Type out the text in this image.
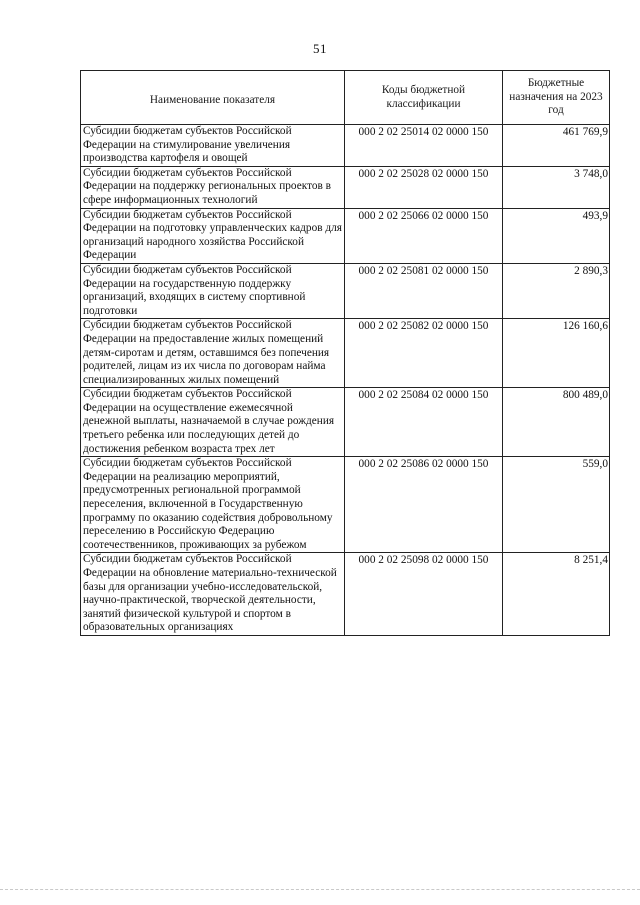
51
Наименование показателя	Коды бюджетной классификации	Бюджетные назначения на 2023 год
Субсидии бюджетам субъектов Российской Федерации на стимулирование увеличения производства картофеля и овощей	000 2 02 25014 02 0000 150	461 769,9
Субсидии бюджетам субъектов Российской Федерации на поддержку региональных проектов в сфере информационных технологий	000 2 02 25028 02 0000 150	3 748,0
Субсидии бюджетам субъектов Российской Федерации на подготовку управленческих кадров для организаций народного хозяйства Российской Федерации	000 2 02 25066 02 0000 150	493,9
Субсидии бюджетам субъектов Российской Федерации на государственную поддержку организаций, входящих в систему спортивной подготовки	000 2 02 25081 02 0000 150	2 890,3
Субсидии бюджетам субъектов Российской Федерации на предоставление жилых помещений детям-сиротам и детям, оставшимся без попечения родителей, лицам из их числа по договорам найма специализированных жилых помещений	000 2 02 25082 02 0000 150	126 160,6
Субсидии бюджетам субъектов Российской Федерации на осуществление ежемесячной денежной выплаты, назначаемой в случае рождения третьего ребенка или последующих детей до достижения ребенком возраста трех лет	000 2 02 25084 02 0000 150	800 489,0
Субсидии бюджетам субъектов Российской Федерации на реализацию мероприятий, предусмотренных региональной программой переселения, включенной в Государственную программу по оказанию содействия добровольному переселению в Российскую Федерацию соотечественников, проживающих за рубежом	000 2 02 25086 02 0000 150	559,0
Субсидии бюджетам субъектов Российской Федерации на обновление материально-технической базы для организации учебно-исследовательской, научно-практической, творческой деятельности, занятий физической культурой и спортом в образовательных организациях	000 2 02 25098 02 0000 150	8 251,4
